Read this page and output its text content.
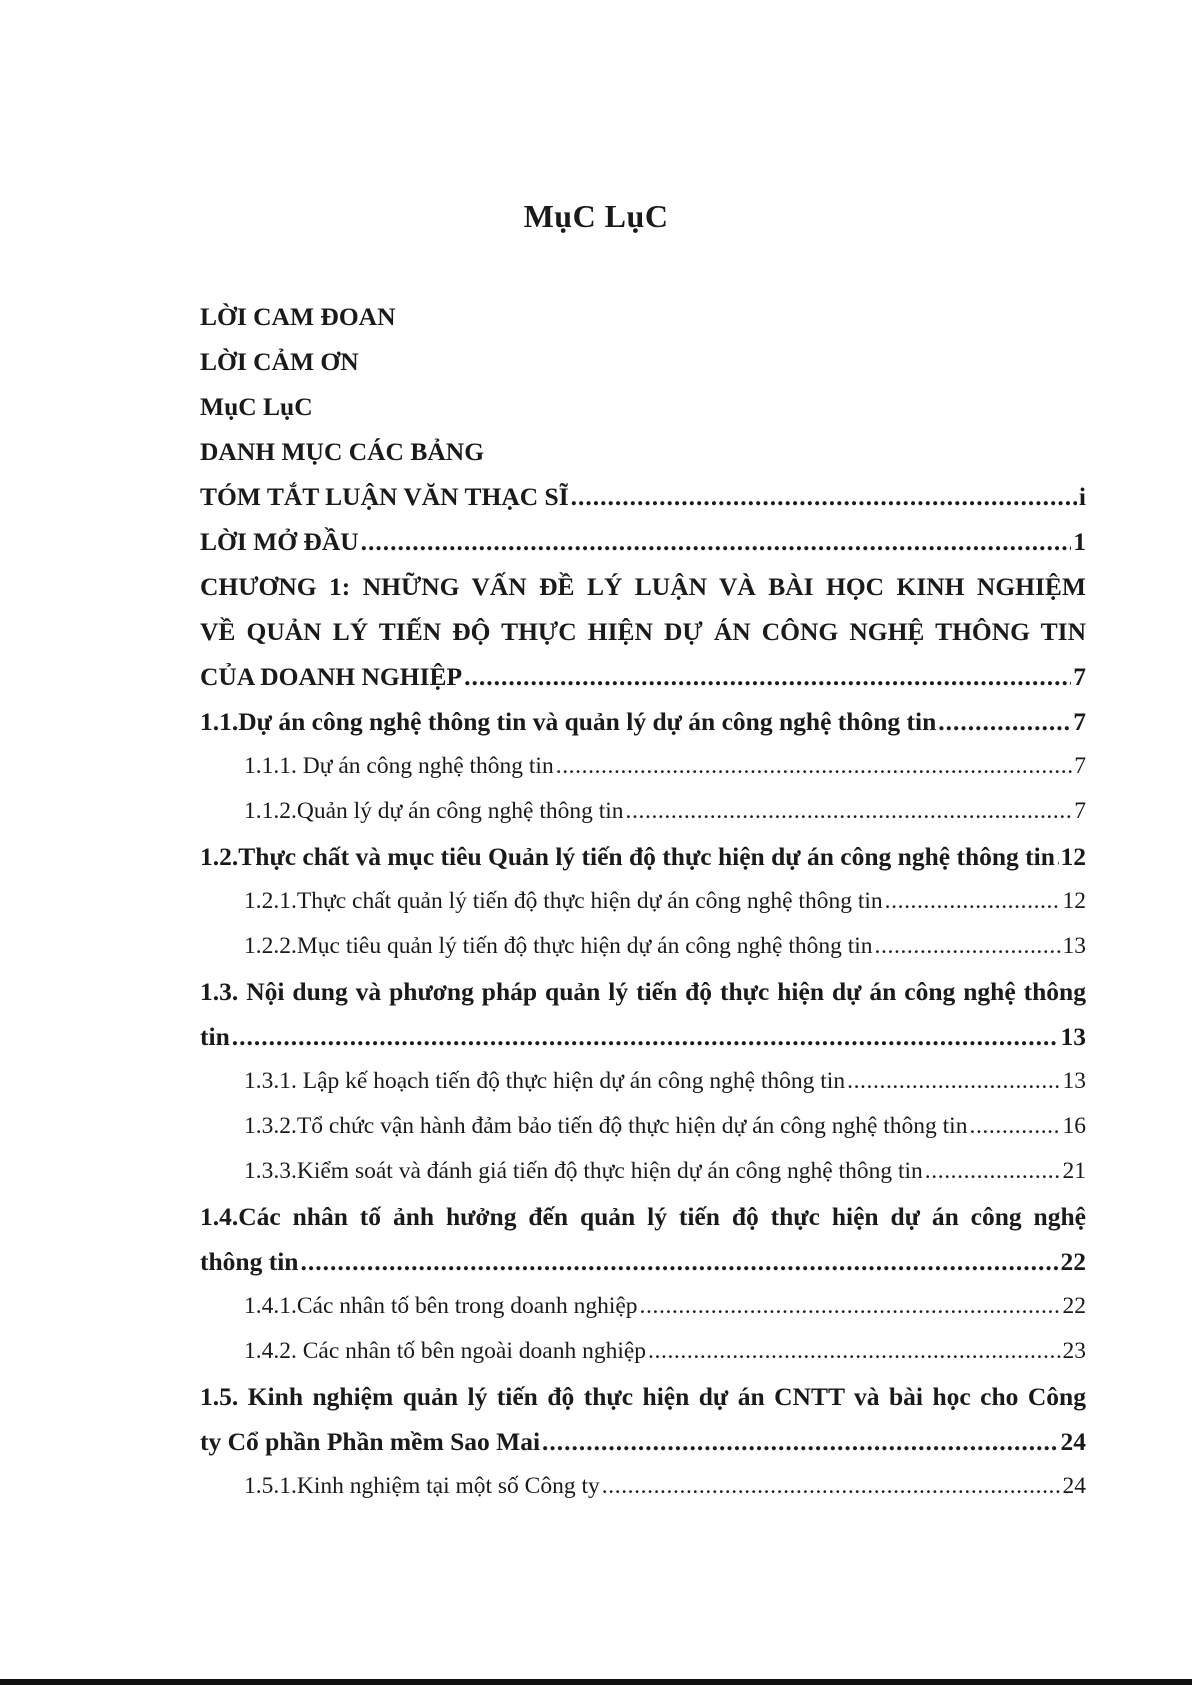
MụC LụC
LỜI CAM ĐOAN
LỜI CẢM ƠN
MụC LụC
DANH MỤC CÁC BẢNG
TÓM TẮT LUẬN VĂN THẠC SĨ .....	i
LỜI MỞ ĐẦU .....	1
CHƯƠNG 1: NHỮNG VẤN ĐỀ LÝ LUẬN VÀ BÀI HỌC KINH NGHIỆM
VỀ QUẢN LÝ TIẾN ĐỘ THỰC HIỆN DỰ ÁN CÔNG NGHỆ THÔNG TIN
CỦA DOANH NGHIỆP .....	7
1.1.Dự án công nghệ thông tin và quản lý dự án công nghệ thông tin .....	7
1.1.1. Dự án công nghệ thông tin .....	7
1.1.2.Quản lý dự án công nghệ thông tin .....	7
1.2.Thực chất và mục tiêu Quản lý tiến độ thực hiện dự án công nghệ thông tin ..... 12
1.2.1.Thực chất quản lý tiến độ thực hiện dự án công nghệ thông tin .....	12
1.2.2.Mục tiêu quản lý tiến độ thực hiện dự án công nghệ thông tin .....	13
1.3. Nội dung và phương pháp quản lý tiến độ thực hiện dự án công nghệ thông
tin .....	13
1.3.1. Lập kế hoạch tiến độ thực hiện dự án công nghệ thông tin .....	13
1.3.2.Tổ chức vận hành đảm bảo tiến độ thực hiện dự án công nghệ thông tin .....	16
1.3.3.Kiểm soát và đánh giá tiến độ thực hiện dự án công nghệ thông tin .....	21
1.4.Các nhân tố ảnh hưởng đến quản lý tiến độ thực hiện dự án công nghệ
thông tin .....	22
1.4.1.Các nhân tố bên trong doanh nghiệp .....	22
1.4.2. Các nhân tố bên ngoài doanh nghiệp .....	23
1.5. Kinh nghiệm quản lý tiến độ thực hiện dự án CNTT và bài học cho Công
ty Cổ phần Phần mềm Sao Mai .....	24
1.5.1.Kinh nghiệm tại một số Công ty .....	24
